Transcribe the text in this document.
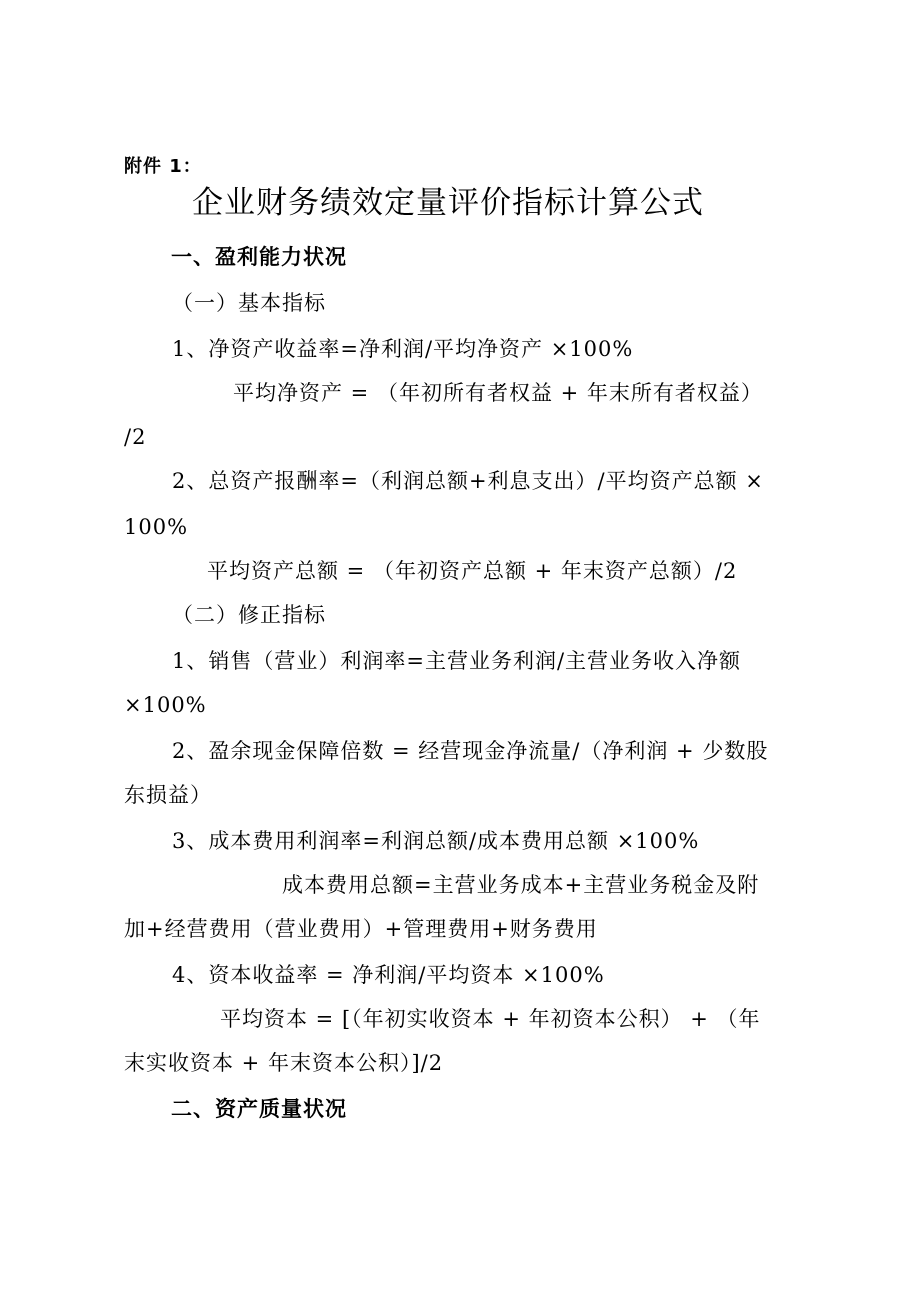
附件 1：
企业财务绩效定量评价指标计算公式
一、盈利能力状况
（一）基本指标
1、净资产收益率=净利润/平均净资产 ×100%
平均净资产 = （年初所有者权益 + 年末所有者权益）
/2
2、总资产报酬率=（利润总额+利息支出）/平均资产总额 ×
100%
平均资产总额 = （年初资产总额 + 年末资产总额）/2
（二）修正指标
1、销售（营业）利润率=主营业务利润/主营业务收入净额
×100%
2、盈余现金保障倍数 = 经营现金净流量/（净利润 + 少数股
东损益）
3、成本费用利润率=利润总额/成本费用总额 ×100%
成本费用总额=主营业务成本+主营业务税金及附
加+经营费用（营业费用）+管理费用+财务费用
4、资本收益率 = 净利润/平均资本 ×100%
平均资本 = [（年初实收资本 + 年初资本公积） + （年
末实收资本 + 年末资本公积）]/2
二、资产质量状况
